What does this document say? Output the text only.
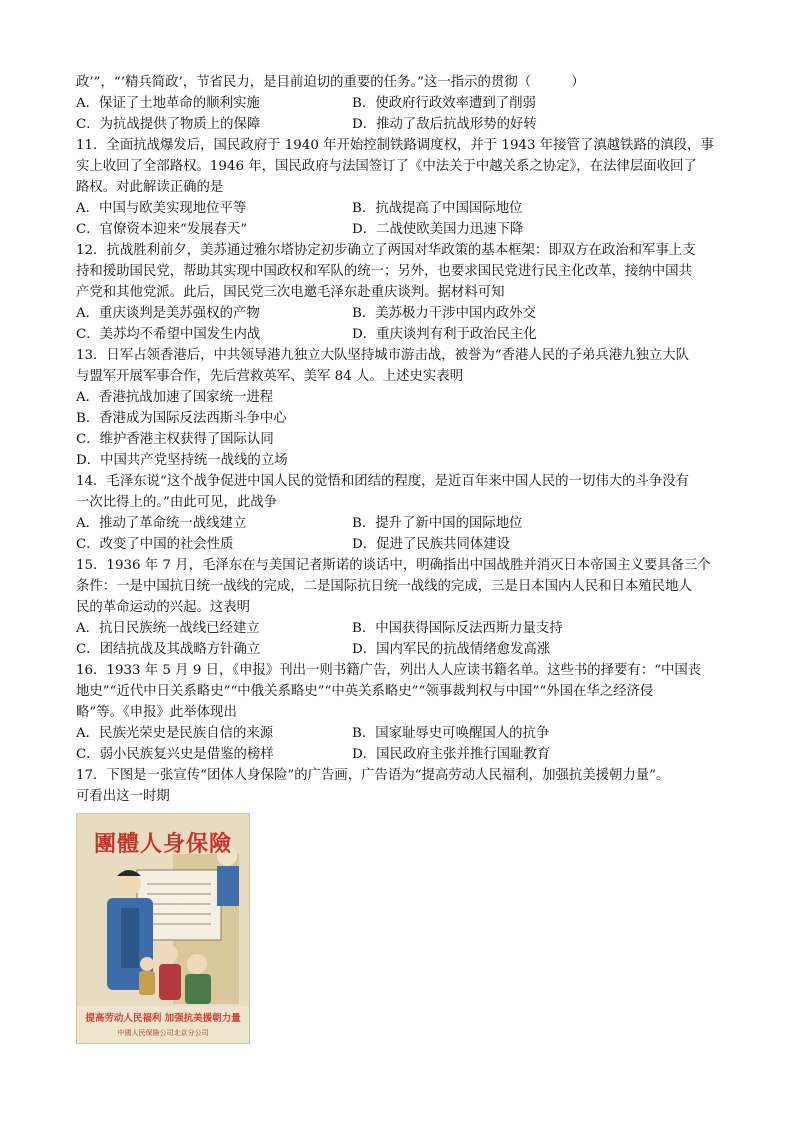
政’”，“‘精兵简政’，节省民力，是目前迫切的重要的任务。”这一指示的贯彻（　　　）
A．保证了土地革命的顺利实施	B．使政府行政效率遭到了削弱
C．为抗战提供了物质上的保障	D．推动了敌后抗战形势的好转
11．全面抗战爆发后，国民政府于 1940 年开始控制铁路调度权，并于 1943 年接管了滇越铁路的滇段，事
实上收回了全部路权。1946 年，国民政府与法国签订了《中法关于中越关系之协定》，在法律层面收回了
路权。对此解读正确的是
A．中国与欧美实现地位平等	B．抗战提高了中国国际地位
C．官僚资本迎来“发展春天”	D．二战使欧美国力迅速下降
12．抗战胜利前夕，美苏通过雅尔塔协定初步确立了两国对华政策的基本框架：即双方在政治和军事上支
持和援助国民党，帮助其实现中国政权和军队的统一；另外，也要求国民党进行民主化改革，接纳中国共
产党和其他党派。此后，国民党三次电邀毛泽东赴重庆谈判。据材料可知
A．重庆谈判是美苏强权的产物	B．美苏极力干涉中国内政外交
C．美苏均不希望中国发生内战	D．重庆谈判有利于政治民主化
13．日军占领香港后，中共领导港九独立大队坚持城市游击战，被誉为“香港人民的子弟兵港九独立大队
与盟军开展军事合作，先后营救英军、美军 84 人。上述史实表明
A．香港抗战加速了国家统一进程
B．香港成为国际反法西斯斗争中心
C．维护香港主权获得了国际认同
D．中国共产党坚持统一战线的立场
14．毛泽东说“这个战争促进中国人民的觉悟和团结的程度，是近百年来中国人民的一切伟大的斗争没有
一次比得上的。”由此可见，此战争
A．推动了革命统一战线建立	B．提升了新中国的国际地位
C．改变了中国的社会性质	D．促进了民族共同体建设
15．1936 年 7 月，毛泽东在与美国记者斯诺的谈话中，明确指出中国战胜并消灭日本帝国主义要具备三个
条件：一是中国抗日统一战线的完成，二是国际抗日统一战线的完成，三是日本国内人民和日本殖民地人
民的革命运动的兴起。这表明
A．抗日民族统一战线已经建立	B．中国获得国际反法西斯力量支持
C．团结抗战及其战略方针确立	D．国内军民的抗战情绪愈发高涨
16．1933 年 5 月 9 日，《申报》刊出一则书籍广告，列出人人应读书籍名单。这些书的择要有：“中国丧
地史”“近代中日关系略史”“中俄关系略史”“中英关系略史”“领事裁判权与中国”“外国在华之经济侵
略”等。《申报》此举体现出
A．民族光荣史是民族自信的来源	B．国家耻辱史可唤醒国人的抗争
C．弱小民族复兴史是借鉴的榜样	D．国民政府主张并推行国耻教育
17．下图是一张宣传“团体人身保险”的广告画，广告语为“提高劳动人民福利，加强抗美援朝力量”。
可看出这一时期
團體人身保險
提高劳动人民福利 加强抗美援朝力量
中國人民保險公司北京分公司
